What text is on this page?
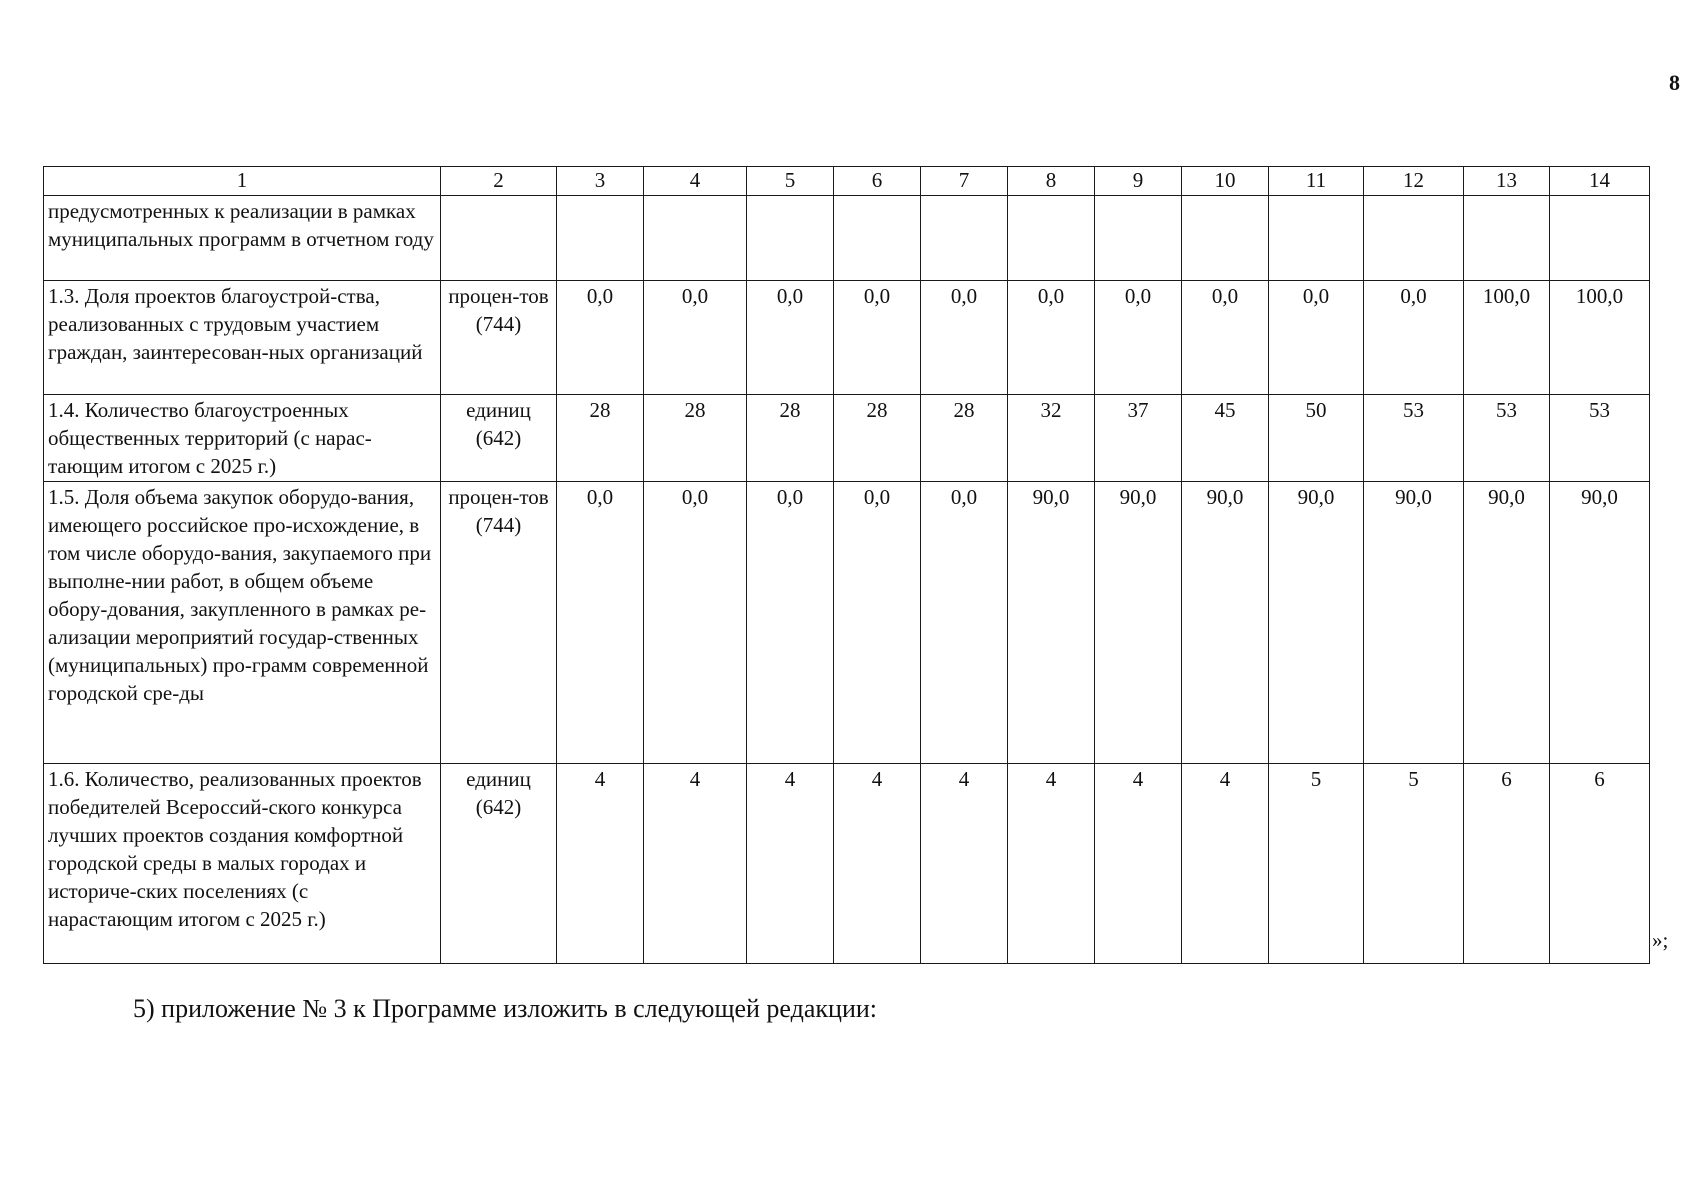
8
1	2	3	4	5	6	7	8	9	10	11	12	13	14
предусмотренных к реализации в рамках муниципальных программ в отчетном году													
1.3. Доля проектов благоустрой-ства, реализованных с трудовым участием граждан, заинтересован-ных организаций	процен-тов (744)	0,0	0,0	0,0	0,0	0,0	0,0	0,0	0,0	0,0	0,0	100,0	100,0
1.4. Количество благоустроенных общественных территорий (с нарас-тающим итогом с 2025 г.)	единиц (642)	28	28	28	28	28	32	37	45	50	53	53	53
1.5. Доля объема закупок оборудо-вания, имеющего российское про-исхождение, в том числе оборудо-вания, закупаемого при выполне-нии работ, в общем объеме обору-дования, закупленного в рамках ре-ализации мероприятий государ-ственных (муниципальных) про-грамм современной городской сре-ды	процен-тов (744)	0,0	0,0	0,0	0,0	0,0	90,0	90,0	90,0	90,0	90,0	90,0	90,0
1.6. Количество, реализованных проектов победителей Всероссий-ского конкурса лучших проектов создания комфортной городской среды в малых городах и историче-ских поселениях (с нарастающим итогом с 2025 г.)	единиц (642)	4	4	4	4	4	4	4	4	5	5	6	6
»;
5) приложение № 3 к Программе изложить в следующей редакции:
